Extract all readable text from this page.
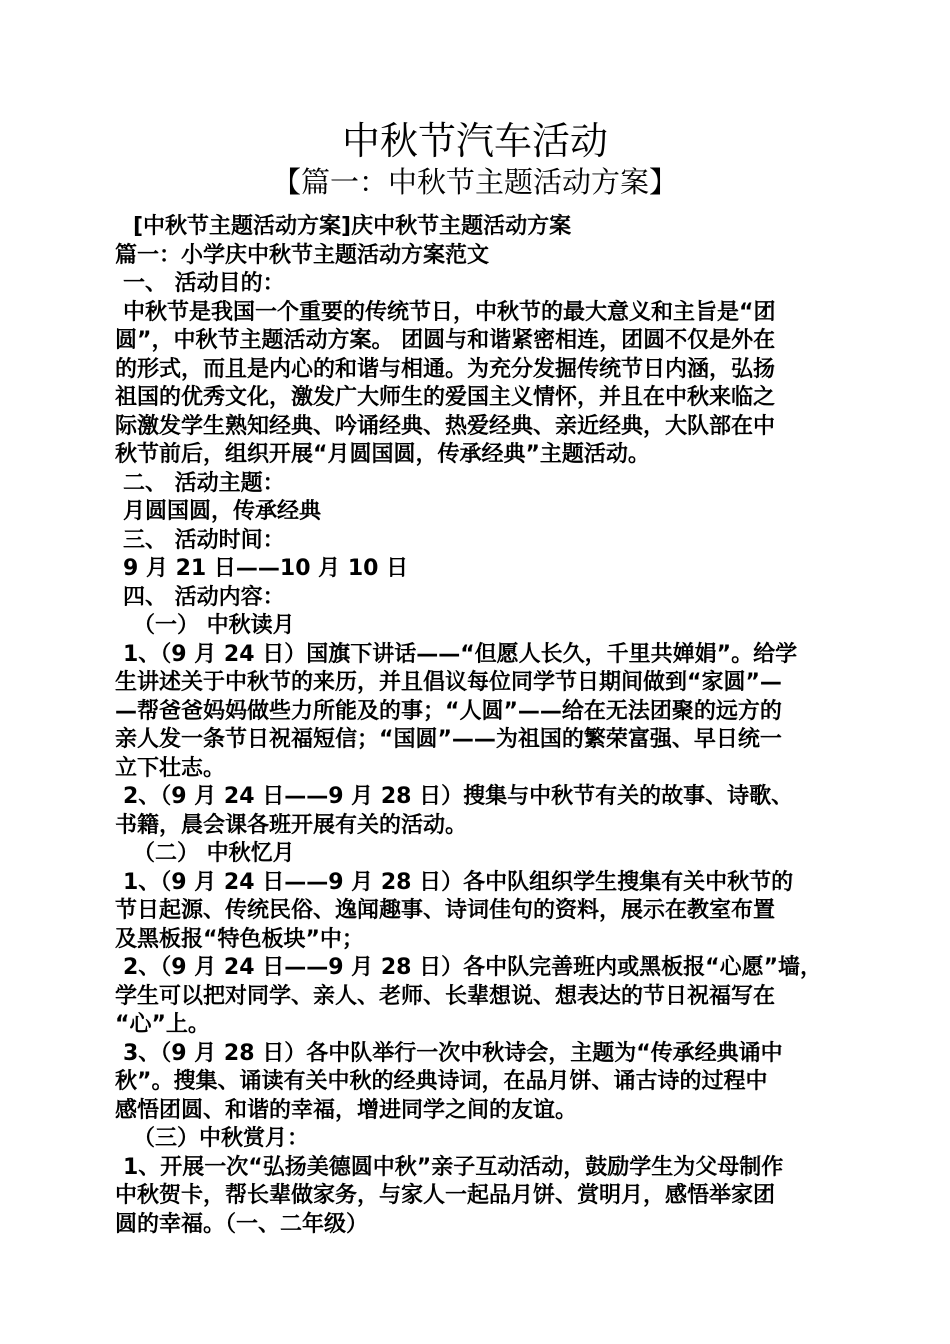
中秋节汽车活动
【篇一：中秋节主题活动方案】
[中秋节主题活动方案]庆中秋节主题活动方案
篇一：小学庆中秋节主题活动方案范文
一、 活动目的：
中秋节是我国一个重要的传统节日，中秋节的最大意义和主旨是“团
圆”，中秋节主题活动方案。 团圆与和谐紧密相连，团圆不仅是外在
的形式，而且是内心的和谐与相通。为充分发掘传统节日内涵，弘扬
祖国的优秀文化，激发广大师生的爱国主义情怀，并且在中秋来临之
际激发学生熟知经典、吟诵经典、热爱经典、亲近经典，大队部在中
秋节前后，组织开展“月圆国圆，传承经典”主题活动。
二、 活动主题：
月圆国圆，传承经典
三、 活动时间：
9 月 21 日——10 月 10 日
四、 活动内容：
（一） 中秋读月
1、（9 月 24 日）国旗下讲话——“但愿人长久，千里共婵娟”。给学
生讲述关于中秋节的来历，并且倡议每位同学节日期间做到“家圆”—
—帮爸爸妈妈做些力所能及的事；“人圆”——给在无法团聚的远方的
亲人发一条节日祝福短信；“国圆”——为祖国的繁荣富强、早日统一
立下壮志。
2、（9 月 24 日——9 月 28 日）搜集与中秋节有关的故事、诗歌、
书籍，晨会课各班开展有关的活动。
（二） 中秋忆月
1、（9 月 24 日——9 月 28 日）各中队组织学生搜集有关中秋节的
节日起源、传统民俗、逸闻趣事、诗词佳句的资料，展示在教室布置
及黑板报“特色板块”中；
2、（9 月 24 日——9 月 28 日）各中队完善班内或黑板报“心愿”墙，
学生可以把对同学、亲人、老师、长辈想说、想表达的节日祝福写在
“心”上。
3、（9 月 28 日）各中队举行一次中秋诗会，主题为“传承经典诵中
秋”。搜集、诵读有关中秋的经典诗词，在品月饼、诵古诗的过程中
感悟团圆、和谐的幸福，增进同学之间的友谊。
（三）中秋赏月：
1、开展一次“弘扬美德圆中秋”亲子互动活动，鼓励学生为父母制作
中秋贺卡，帮长辈做家务，与家人一起品月饼、赏明月，感悟举家团
圆的幸福。（一、二年级）
